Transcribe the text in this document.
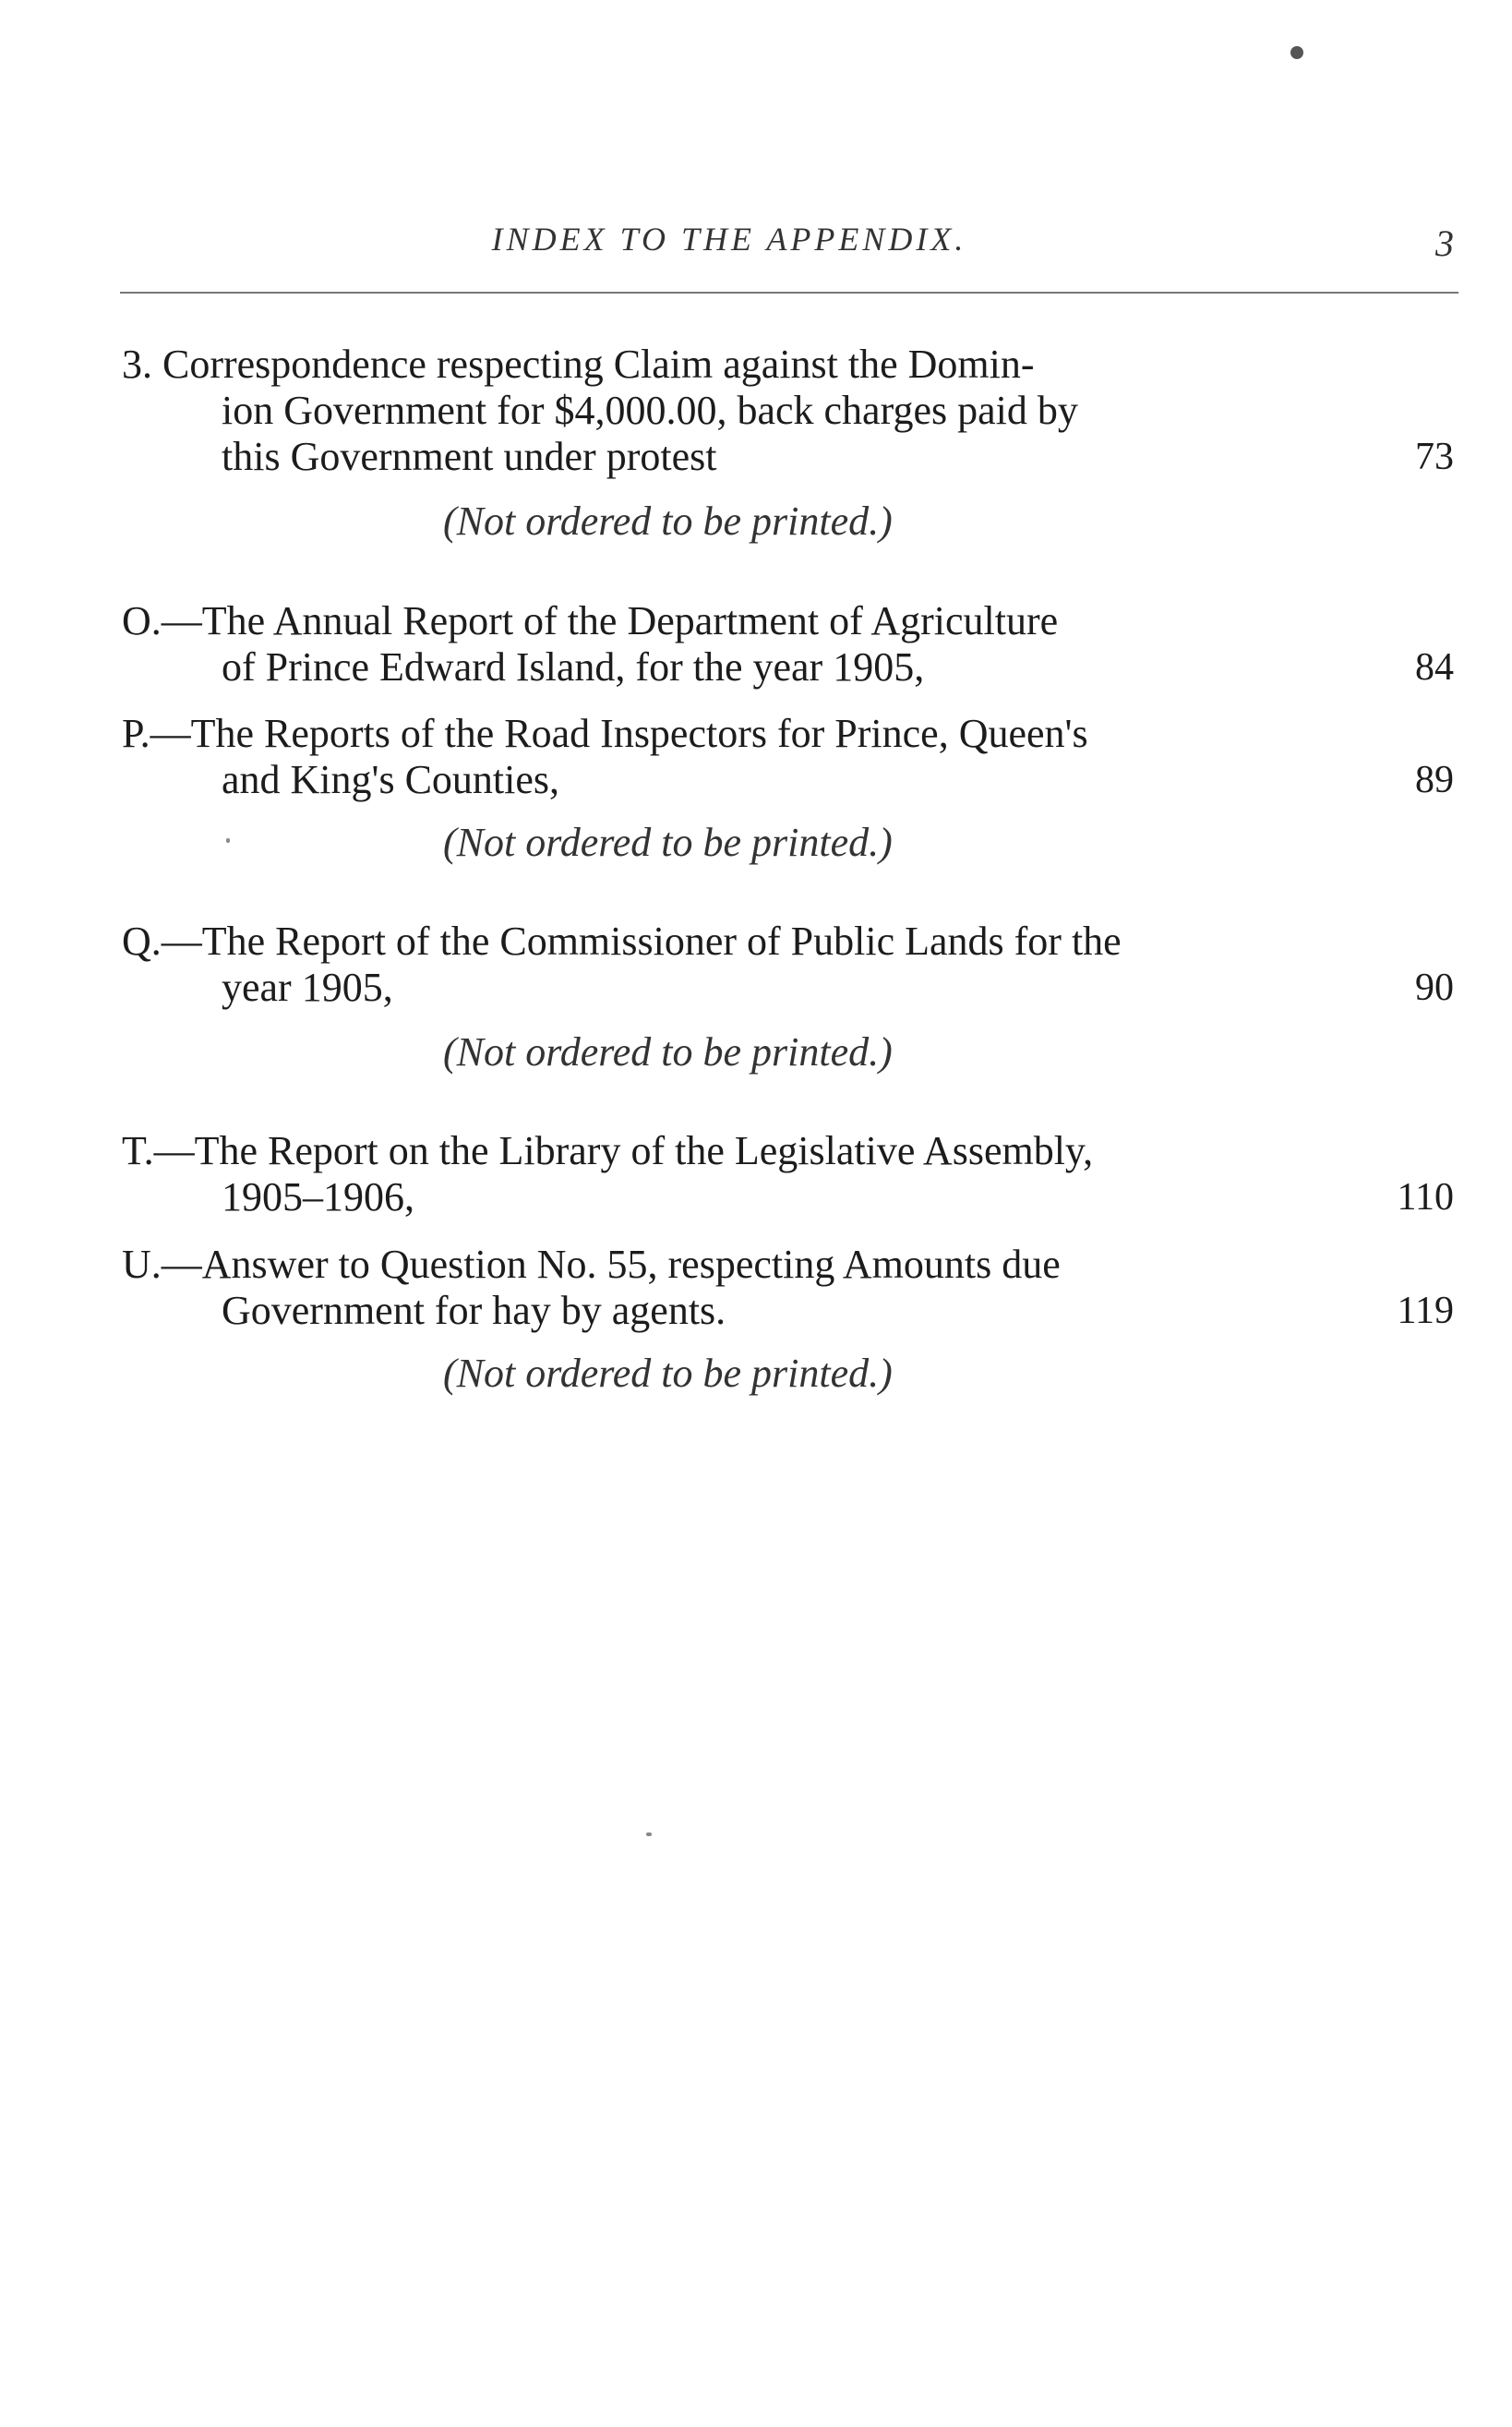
INDEX TO THE APPENDIX.	3
3. Correspondence respecting Claim against the Domin-
ion Government for $4,000.00, back charges paid by
this Government under protest	73
(Not ordered to be printed.)
O.—The Annual Report of the Department of Agriculture
of Prince Edward Island, for the year 1905,	84
P.—The Reports of the Road Inspectors for Prince, Queen's
and King's Counties,	89
(Not ordered to be printed.)
Q.—The Report of the Commissioner of Public Lands for the
year 1905,	90
(Not ordered to be printed.)
T.—The Report on the Library of the Legislative Assembly,
1905–1906,	110
U.—Answer to Question No. 55, respecting Amounts due
Government for hay by agents.	119
(Not ordered to be printed.)
